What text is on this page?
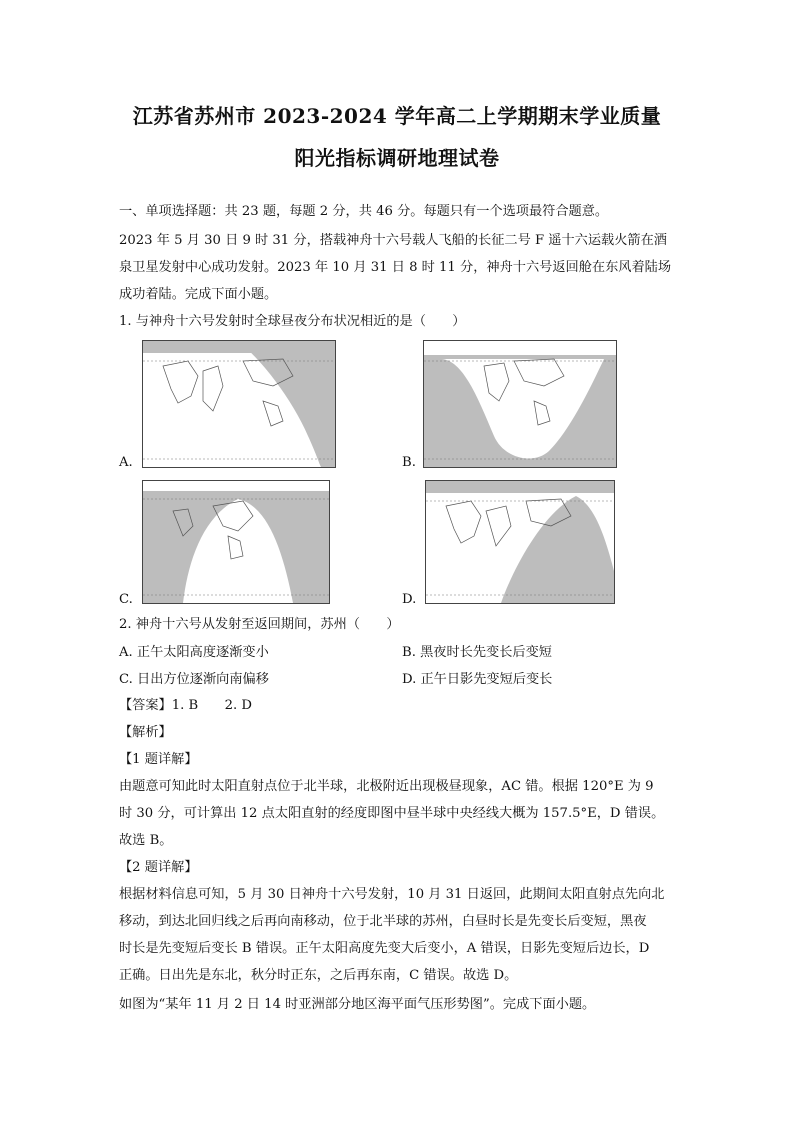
江苏省苏州市 2023-2024 学年高二上学期期末学业质量
阳光指标调研地理试卷
一、单项选择题：共 23 题，每题 2 分，共 46 分。每题只有一个选项最符合题意。
2023 年 5 月 30 日 9 时 31 分，搭载神舟十六号载人飞船的长征二号 F 遥十六运载火箭在酒
泉卫星发射中心成功发射。2023 年 10 月 31 日 8 时 11 分，神舟十六号返回舱在东风着陆场
成功着陆。完成下面小题。
1. 与神舟十六号发射时全球昼夜分布状况相近的是（　　）
A.	B.
C.	D.
2. 神舟十六号从发射至返回期间，苏州（　　）
A. 正午太阳高度逐渐变小	B. 黑夜时长先变长后变短
C. 日出方位逐渐向南偏移	D. 正午日影先变短后变长
【答案】1. B　　2. D
【解析】
【1 题详解】
由题意可知此时太阳直射点位于北半球，北极附近出现极昼现象，AC 错。根据 120°E 为 9
时 30 分，可计算出 12 点太阳直射的经度即图中昼半球中央经线大概为 157.5°E，D 错误。
故选 B。
【2 题详解】
根据材料信息可知，5 月 30 日神舟十六号发射，10 月 31 日返回，此期间太阳直射点先向北
移动，到达北回归线之后再向南移动，位于北半球的苏州，白昼时长是先变长后变短，黑夜
时长是先变短后变长 B 错误。正午太阳高度先变大后变小，A 错误，日影先变短后边长，D
正确。日出先是东北，秋分时正东，之后再东南，C 错误。故选 D。
如图为“某年 11 月 2 日 14 时亚洲部分地区海平面气压形势图”。完成下面小题。
